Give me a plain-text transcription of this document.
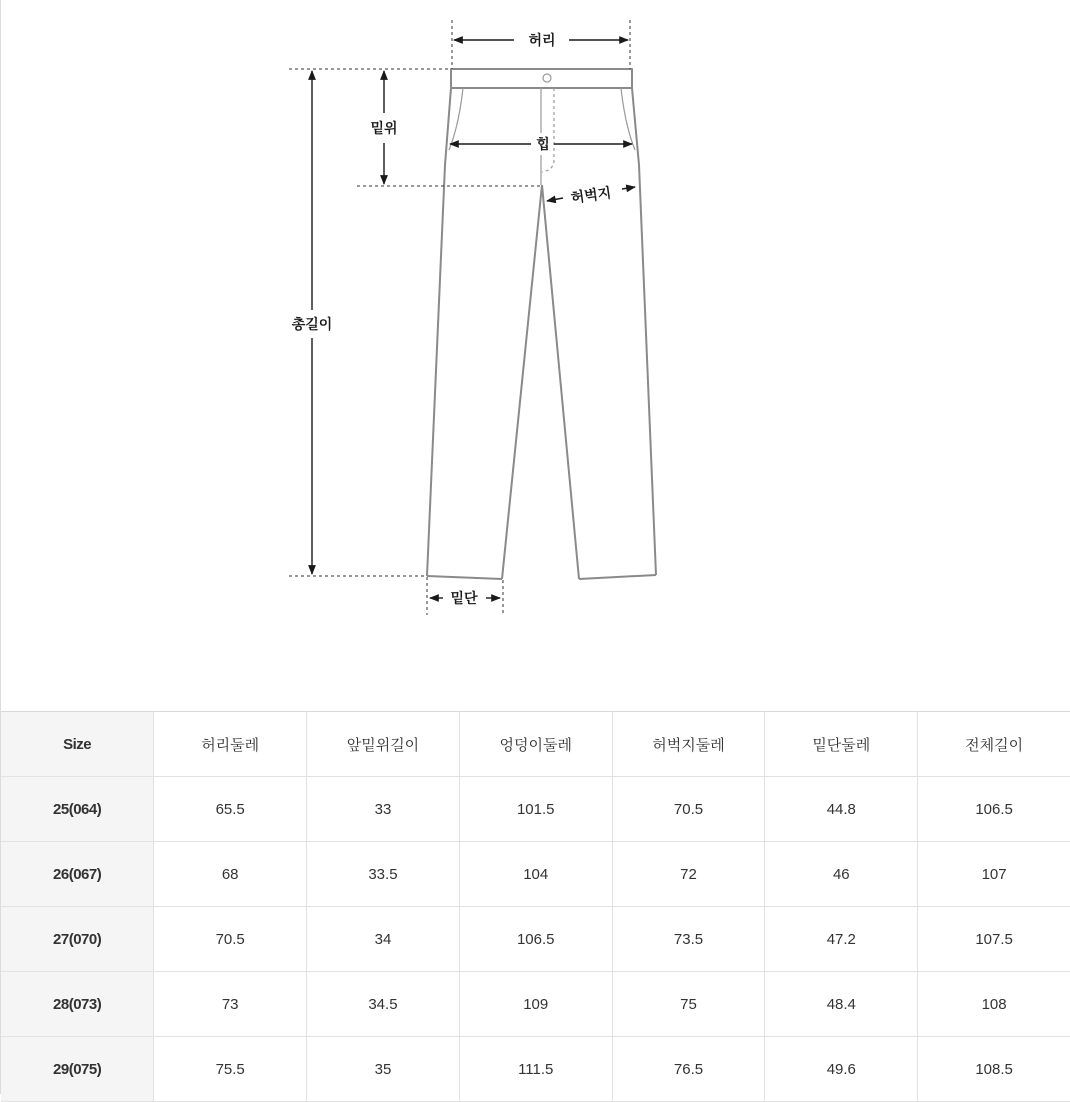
허리
밑위
힙
허벅지
총길이
밑단
Size	허리둘레	앞밑위길이	엉덩이둘레	허벅지둘레	밑단둘레	전체길이
25(064)	65.5	33	101.5	70.5	44.8	106.5
26(067)	68	33.5	104	72	46	107
27(070)	70.5	34	106.5	73.5	47.2	107.5
28(073)	73	34.5	109	75	48.4	108
29(075)	75.5	35	111.5	76.5	49.6	108.5
